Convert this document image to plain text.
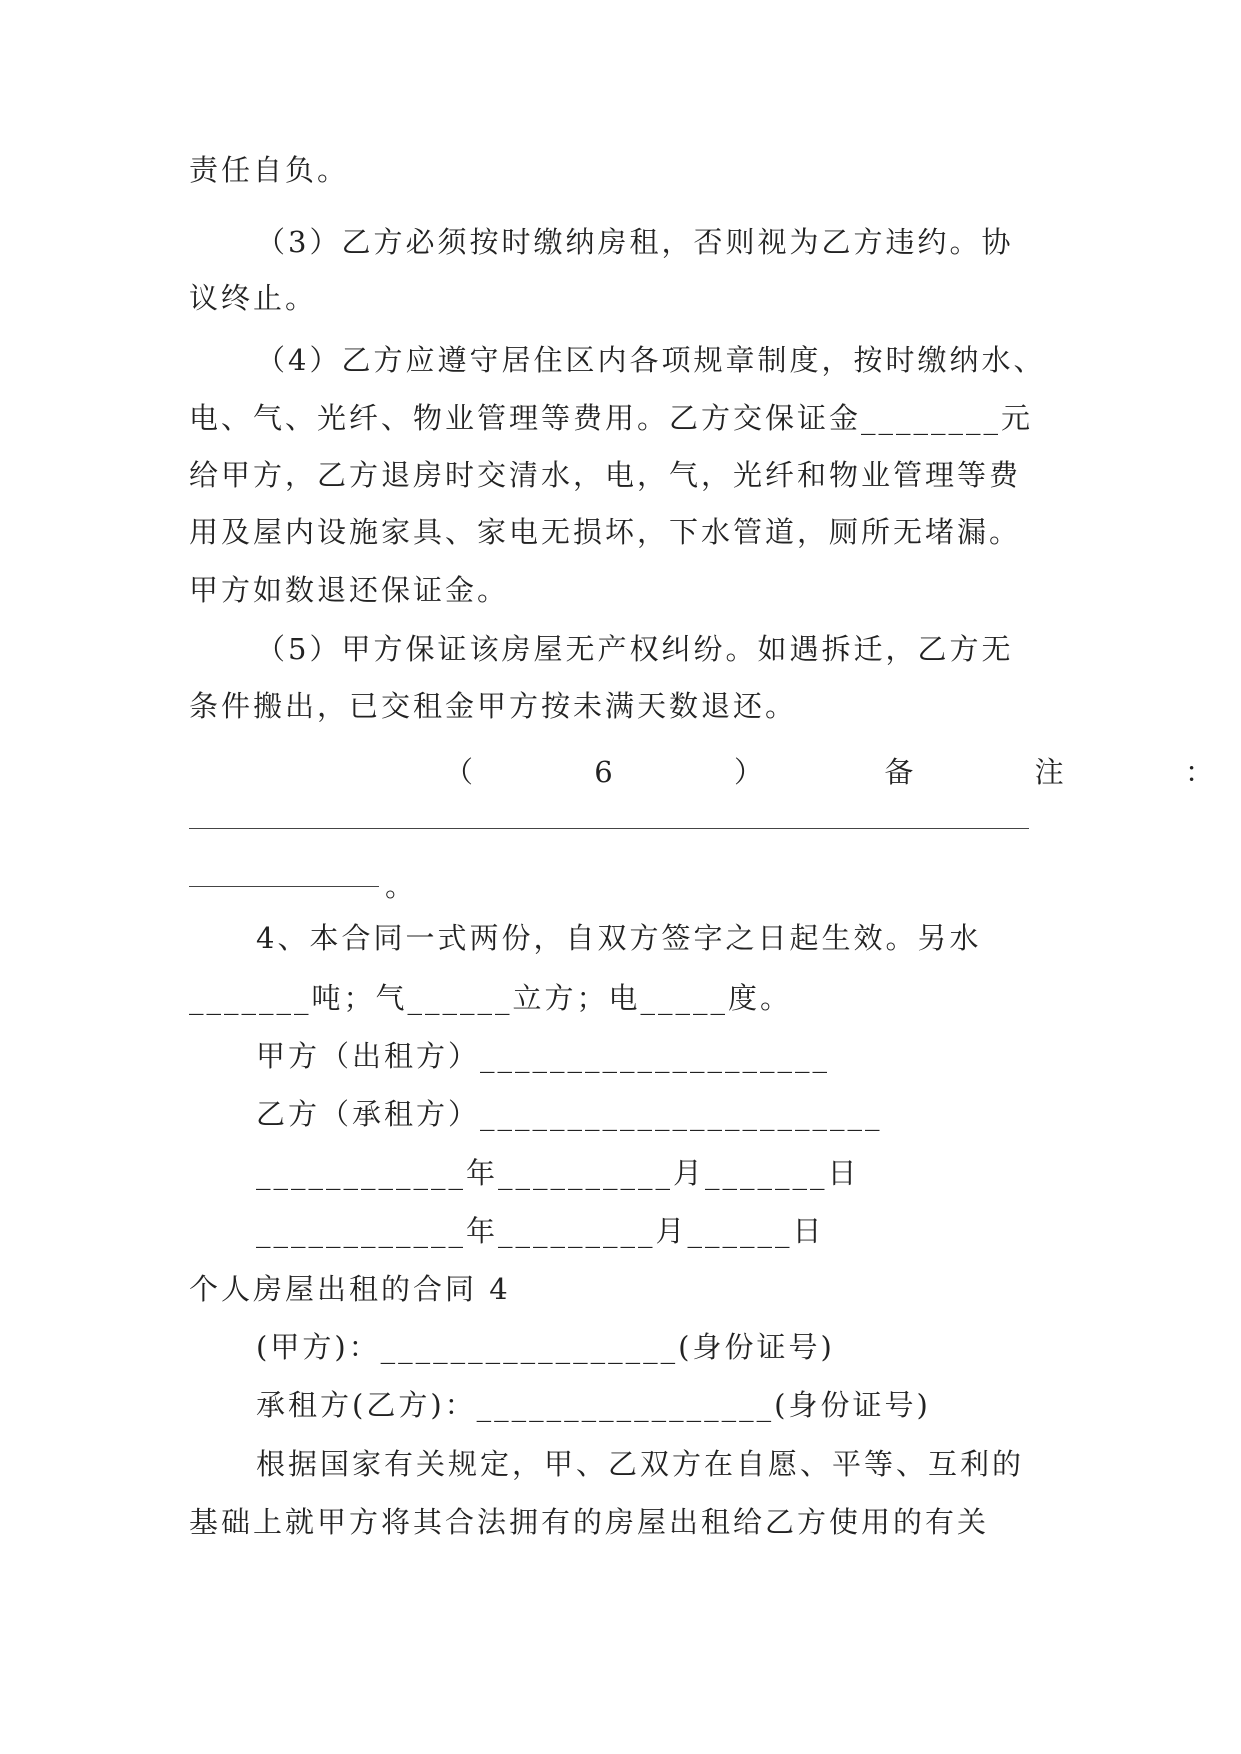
责任自负。
（3）乙方必须按时缴纳房租，否则视为乙方违约。协
议终止。
（4）乙方应遵守居住区内各项规章制度，按时缴纳水、
电、气、光纤、物业管理等费用。乙方交保证金________元
给甲方，乙方退房时交清水，电，气，光纤和物业管理等费
用及屋内设施家具、家电无损坏，下水管道，厕所无堵漏。
甲方如数退还保证金。
（5）甲方保证该房屋无产权纠纷。如遇拆迁，乙方无
条件搬出，已交租金甲方按未满天数退还。
（	6	）	备	注	：
。
4、本合同一式两份，自双方签字之日起生效。另水
_______吨；气______立方；电_____度。
甲方（出租方）____________________
乙方（承租方）_______________________
____________年__________月_______日
____________年_________月______日
个人房屋出租的合同 4
(甲方)：_________________(身份证号)
承租方(乙方)：_________________(身份证号)
根据国家有关规定，甲、乙双方在自愿、平等、互利的
基础上就甲方将其合法拥有的房屋出租给乙方使用的有关
